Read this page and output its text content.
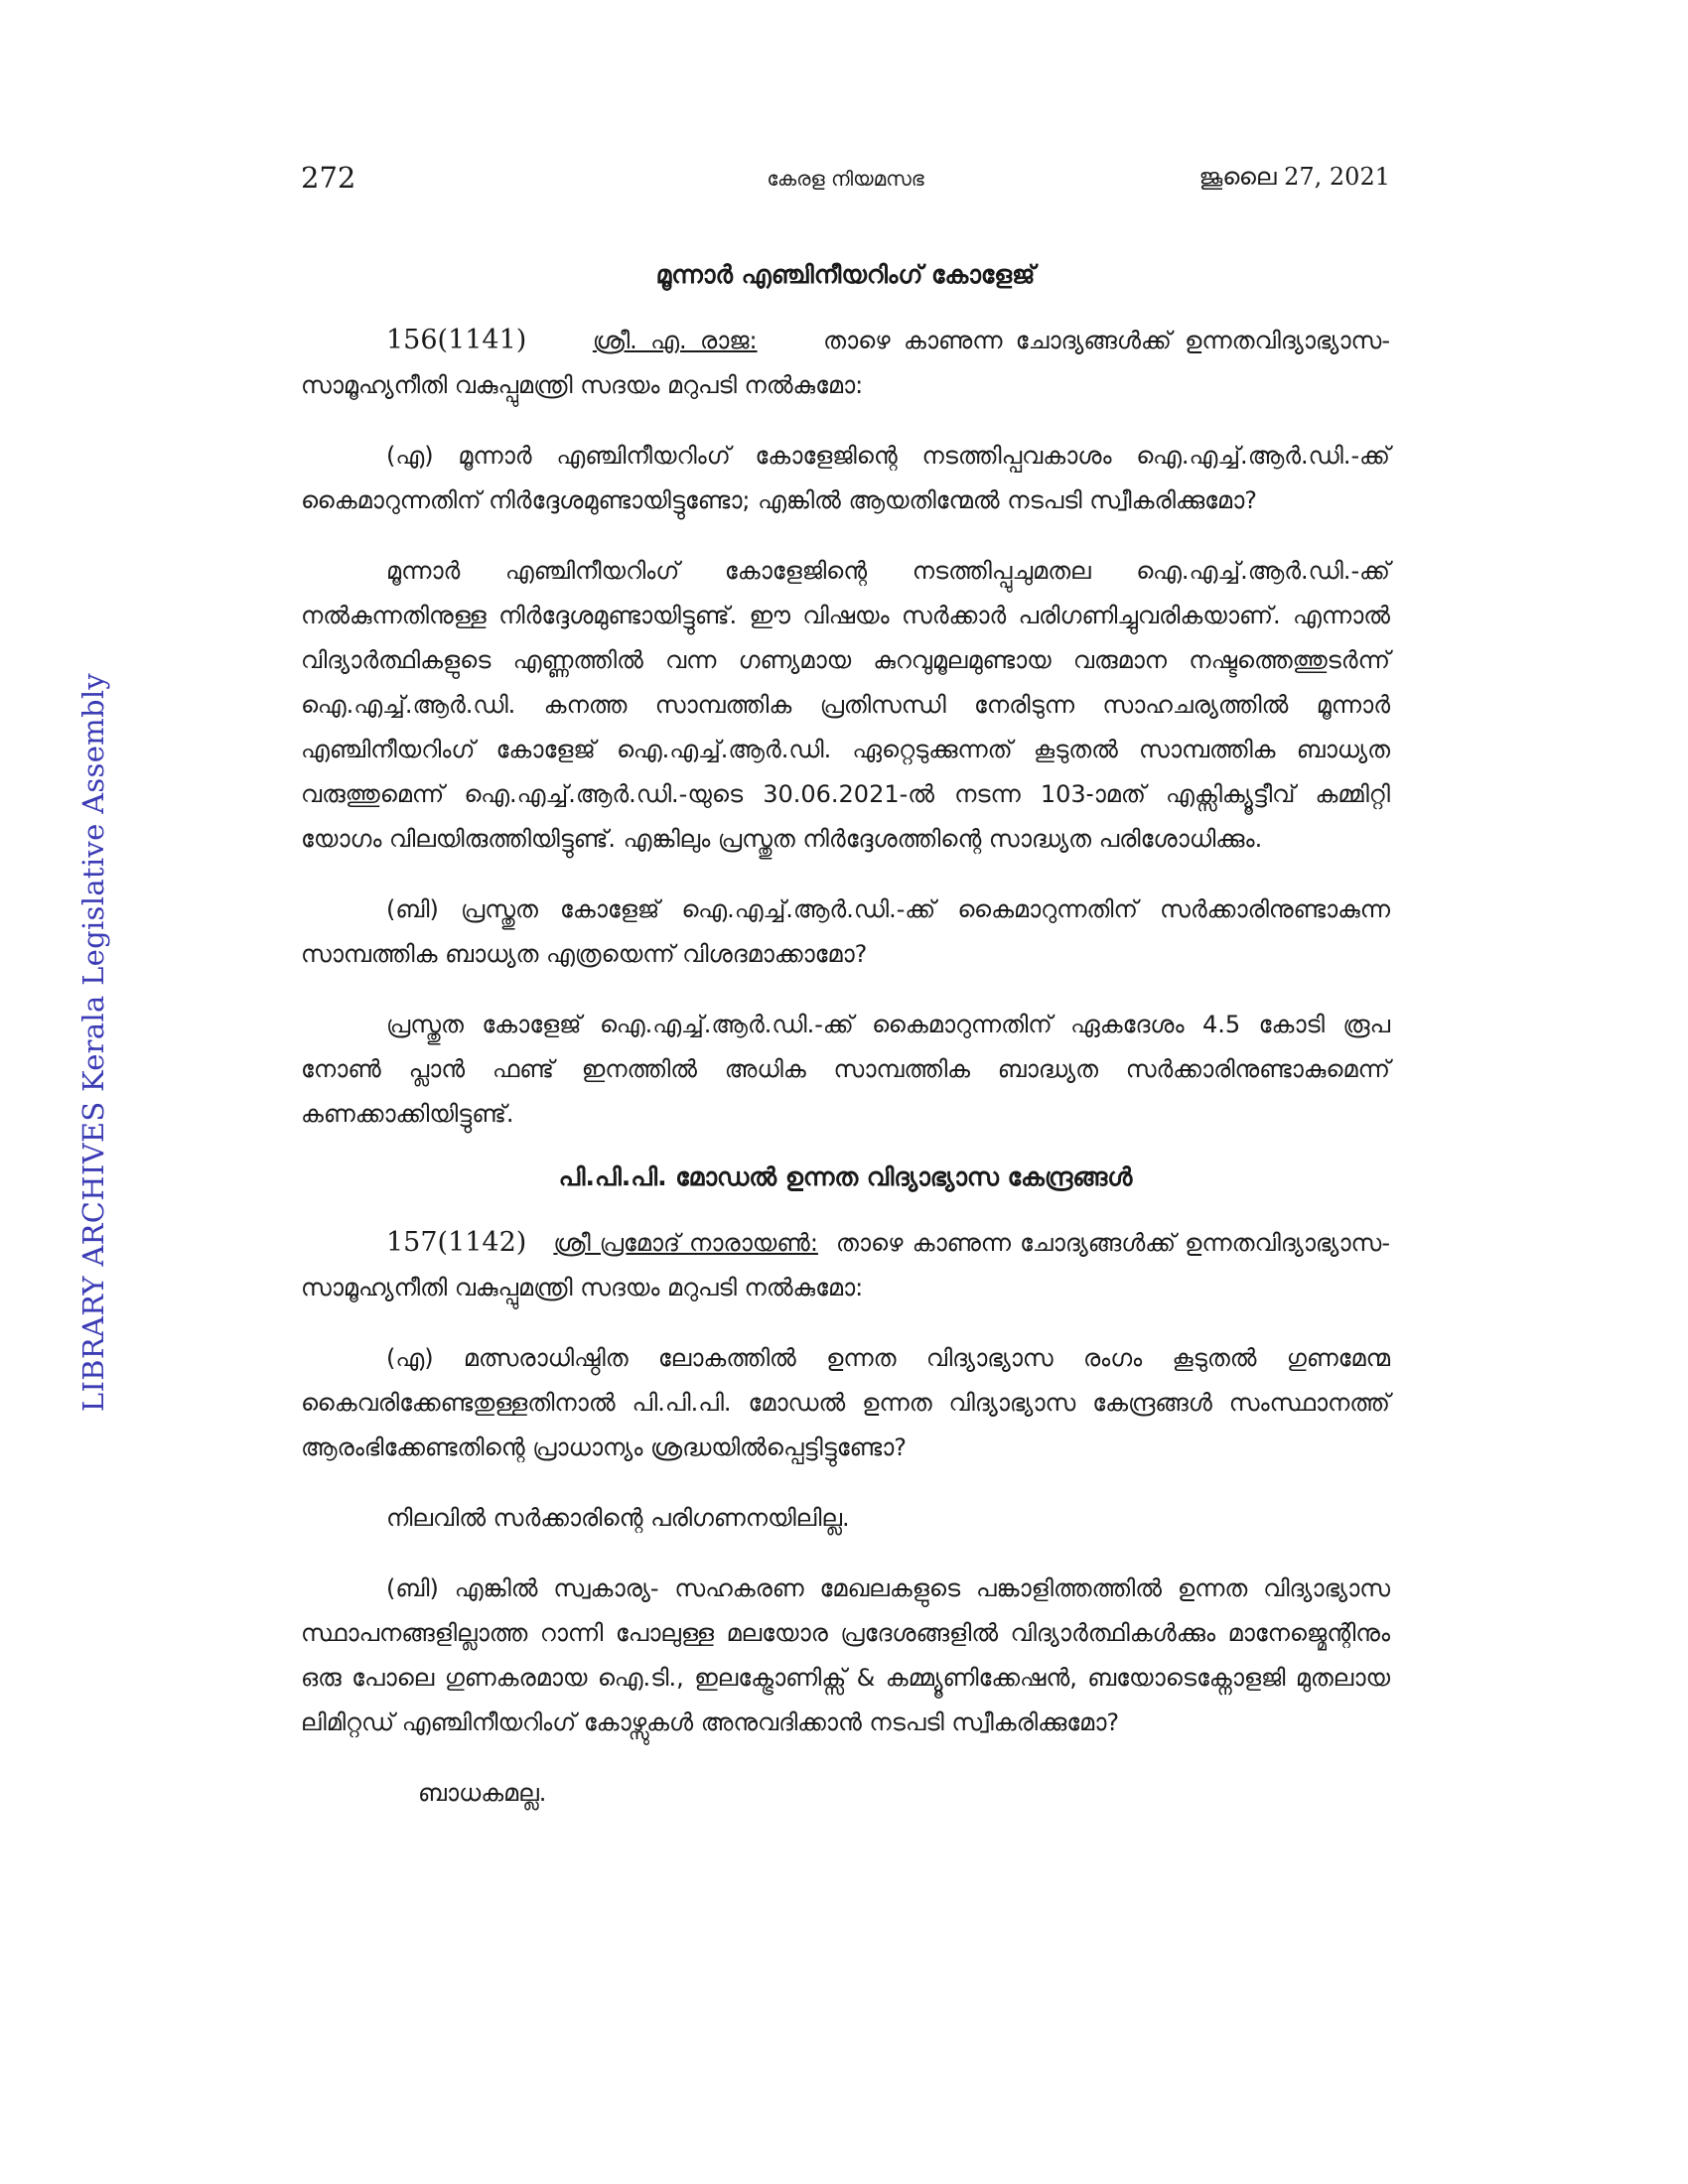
272	കേരള നിയമസഭ	ജൂലൈ 27, 2021
LIBRARY ARCHIVES Kerala Legislative Assembly
മൂന്നാർ എഞ്ചിനീയറിംഗ് കോളേജ്

156(1141)	ശ്രീ. എ. രാജ:	താഴെ കാണുന്ന ചോദ്യങ്ങൾക്ക് ഉന്നതവിദ്യാഭ്യാസ-സാമൂഹ്യനീതി വകുപ്പുമന്ത്രി സദയം മറുപടി നൽകുമോ:

(എ) മൂന്നാർ എഞ്ചിനീയറിംഗ് കോളേജിന്റെ നടത്തിപ്പവകാശം ഐ.എച്ച്.ആർ.ഡി.-ക്ക് കൈമാറുന്നതിന് നിർദ്ദേശമുണ്ടായിട്ടുണ്ടോ; എങ്കിൽ ആയതിന്മേൽ നടപടി സ്വീകരിക്കുമോ?

മൂന്നാർ എഞ്ചിനീയറിംഗ് കോളേജിന്റെ നടത്തിപ്പുചുമതല ഐ.എച്ച്.ആർ.ഡി.-ക്ക് നൽകുന്നതിനുള്ള നിർദ്ദേശമുണ്ടായിട്ടുണ്ട്. ഈ വിഷയം സർക്കാർ പരിഗണിച്ചുവരികയാണ്. എന്നാൽ വിദ്യാർത്ഥികളുടെ എണ്ണത്തിൽ വന്ന ഗണ്യമായ കുറവുമൂലമുണ്ടായ വരുമാന നഷ്ടത്തെത്തുടർന്ന് ഐ.എച്ച്.ആർ.ഡി. കനത്ത സാമ്പത്തിക പ്രതിസന്ധി നേരിടുന്ന സാഹചര്യത്തിൽ മൂന്നാർ എഞ്ചിനീയറിംഗ് കോളേജ് ഐ.എച്ച്.ആർ.ഡി. ഏറ്റെടുക്കുന്നത് കൂടുതൽ സാമ്പത്തിക ബാധ്യത വരുത്തുമെന്ന് ഐ.എച്ച്.ആർ.ഡി.-യുടെ 30.06.2021-ൽ നടന്ന 103-ാമത് എക്സിക്യൂട്ടീവ് കമ്മിറ്റി യോഗം വിലയിരുത്തിയിട്ടുണ്ട്. എങ്കിലും പ്രസ്തുത നിർദ്ദേശത്തിന്റെ സാദ്ധ്യത പരിശോധിക്കും.

(ബി) പ്രസ്തുത കോളേജ് ഐ.എച്ച്.ആർ.ഡി.-ക്ക് കൈമാറുന്നതിന് സർക്കാരിനുണ്ടാകുന്ന സാമ്പത്തിക ബാധ്യത എത്രയെന്ന് വിശദമാക്കാമോ?

പ്രസ്തുത കോളേജ് ഐ.എച്ച്.ആർ.ഡി.-ക്ക് കൈമാറുന്നതിന് ഏകദേശം 4.5 കോടി രൂപ നോൺ പ്ലാൻ ഫണ്ട് ഇനത്തിൽ അധിക സാമ്പത്തിക ബാദ്ധ്യത സർക്കാരിനുണ്ടാകുമെന്ന് കണക്കാക്കിയിട്ടുണ്ട്.

പി.പി.പി. മോഡൽ ഉന്നത വിദ്യാഭ്യാസ കേന്ദ്രങ്ങൾ

157(1142) ശ്രീ പ്രമോദ് നാരായൺ: താഴെ കാണുന്ന ചോദ്യങ്ങൾക്ക് ഉന്നതവിദ്യാഭ്യാസ-സാമൂഹ്യനീതി വകുപ്പുമന്ത്രി സദയം മറുപടി നൽകുമോ:

(എ) മത്സരാധിഷ്ഠിത ലോകത്തിൽ ഉന്നത വിദ്യാഭ്യാസ രംഗം കൂടുതൽ ഗുണമേന്മ കൈവരിക്കേണ്ടതുള്ളതിനാൽ പി.പി.പി. മോഡൽ ഉന്നത വിദ്യാഭ്യാസ കേന്ദ്രങ്ങൾ സംസ്ഥാനത്ത് ആരംഭിക്കേണ്ടതിന്റെ പ്രാധാന്യം ശ്രദ്ധയിൽപ്പെട്ടിട്ടുണ്ടോ?

നിലവിൽ സർക്കാരിന്റെ പരിഗണനയിലില്ല.

(ബി) എങ്കിൽ സ്വകാര്യ- സഹകരണ മേഖലകളുടെ പങ്കാളിത്തത്തിൽ ഉന്നത വിദ്യാഭ്യാസ സ്ഥാപനങ്ങളില്ലാത്ത റാന്നി പോലുള്ള മലയോര പ്രദേശങ്ങളിൽ വിദ്യാർത്ഥികൾക്കും മാനേജ്മെന്റിനും ഒരു പോലെ ഗുണകരമായ ഐ.ടി., ഇലക്ട്രോണിക്സ് & കമ്മ്യൂണിക്കേഷൻ, ബയോടെക്നോളജി മുതലായ ലിമിറ്റഡ് എഞ്ചിനീയറിംഗ് കോഴ്സുകൾ അനുവദിക്കാൻ നടപടി സ്വീകരിക്കുമോ?

ബാധകമല്ല.
